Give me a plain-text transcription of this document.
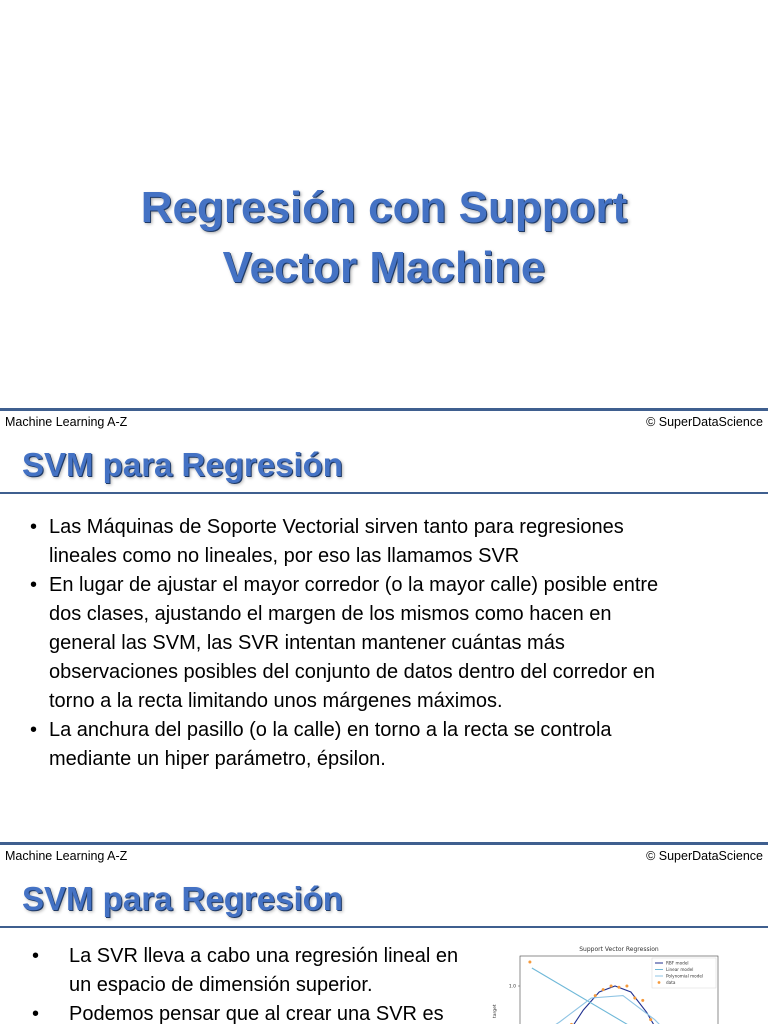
Regresión con Support
Vector Machine
Machine Learning A-Z	© SuperDataScience
SVM para Regresión
• Las Máquinas de Soporte Vectorial sirven tanto para regresiones
lineales como no lineales, por eso las llamamos SVR
• En lugar de ajustar el mayor corredor (o la mayor calle) posible entre
dos clases, ajustando el margen de los mismos como hacen en
general las SVM, las SVR intentan mantener cuántas más
observaciones posibles del conjunto de datos dentro del corredor en
torno a la recta limitando unos márgenes máximos.
• La anchura del pasillo (o la calle) en torno a la recta se controla
mediante un hiper parámetro, épsilon.
Machine Learning A-Z	© SuperDataScience
SVM para Regresión
• La SVR lleva a cabo una regresión lineal en
un espacio de dimensión superior.
• Podemos pensar que al crear una SVR es
Support Vector Regression
target
1.0
RBF model
Linear model
Polynomial model
data
